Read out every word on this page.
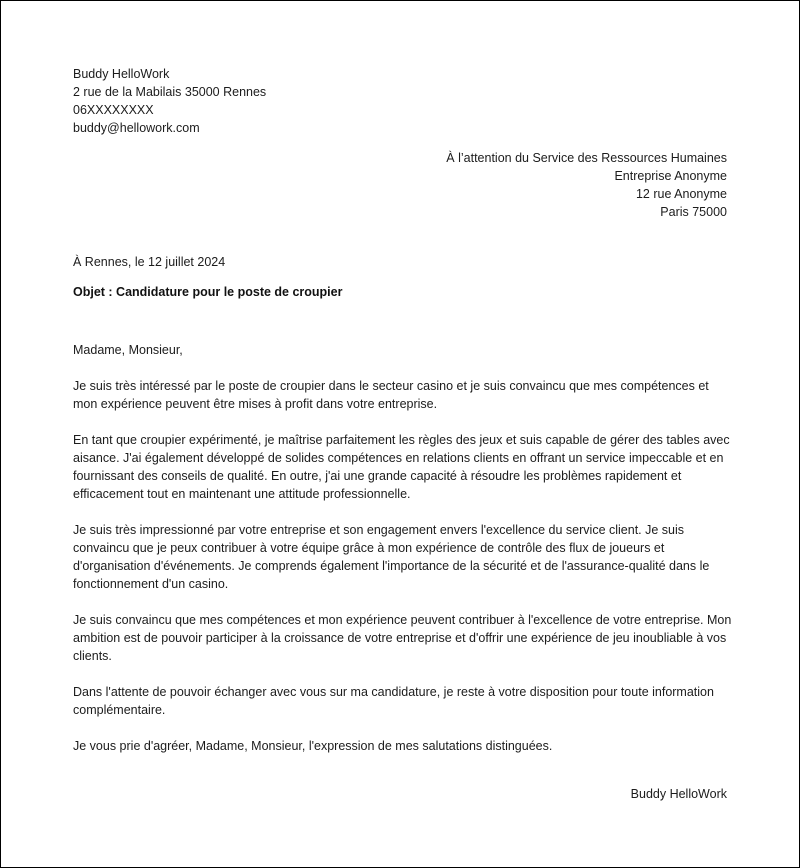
Buddy HelloWork
2 rue de la Mabilais 35000 Rennes
06XXXXXXXX
buddy@hellowork.com
À l’attention du Service des Ressources Humaines
Entreprise Anonyme
12 rue Anonyme
Paris 75000
À Rennes, le 12 juillet 2024
Objet : Candidature pour le poste de croupier

Madame, Monsieur,

Je suis très intéressé par le poste de croupier dans le secteur casino et je suis convaincu que mes compétences et mon expérience peuvent être mises à profit dans votre entreprise.

En tant que croupier expérimenté, je maîtrise parfaitement les règles des jeux et suis capable de gérer des tables avec aisance. J'ai également développé de solides compétences en relations clients en offrant un service impeccable et en fournissant des conseils de qualité. En outre, j'ai une grande capacité à résoudre les problèmes rapidement et efficacement tout en maintenant une attitude professionnelle.

Je suis très impressionné par votre entreprise et son engagement envers l'excellence du service client. Je suis convaincu que je peux contribuer à votre équipe grâce à mon expérience de contrôle des flux de joueurs et d'organisation d'événements. Je comprends également l'importance de la sécurité et de l'assurance-qualité dans le fonctionnement d'un casino.

Je suis convaincu que mes compétences et mon expérience peuvent contribuer à l'excellence de votre entreprise. Mon ambition est de pouvoir participer à la croissance de votre entreprise et d'offrir une expérience de jeu inoubliable à vos clients.

Dans l'attente de pouvoir échanger avec vous sur ma candidature, je reste à votre disposition pour toute information complémentaire.

Je vous prie d'agréer, Madame, Monsieur, l'expression de mes salutations distinguées.

Buddy HelloWork
